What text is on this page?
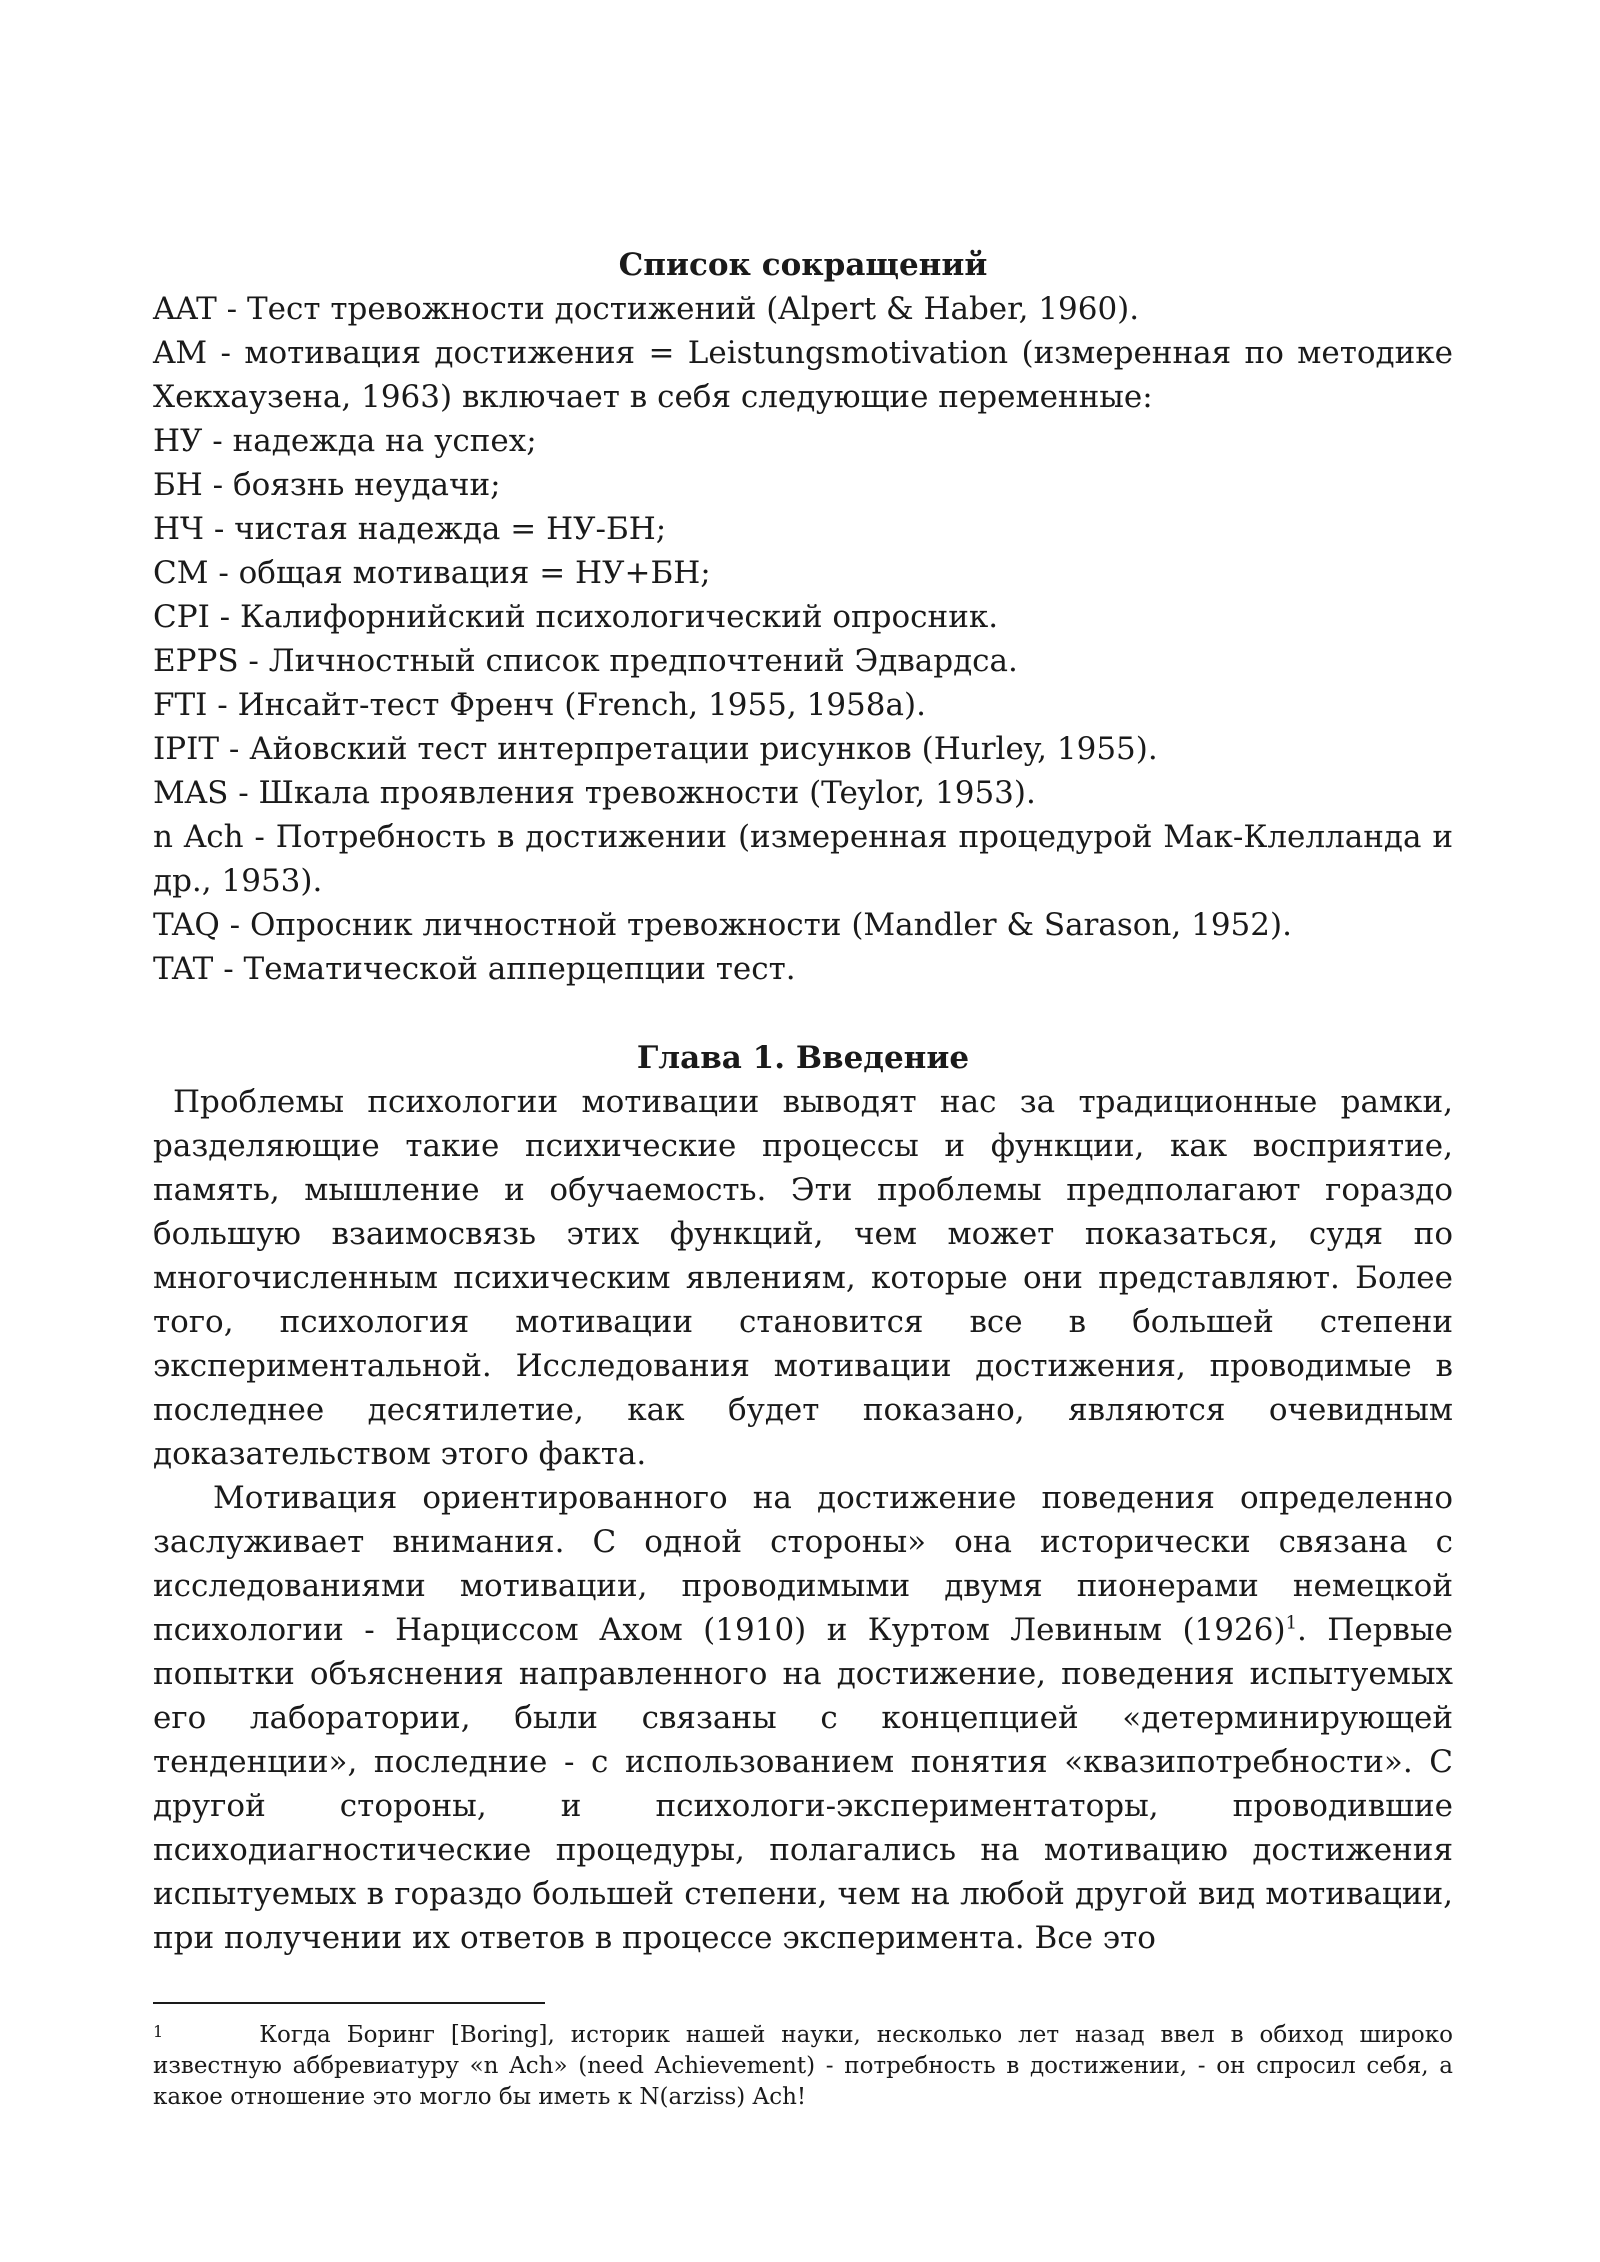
Список сокращений

AAT - Тест тревожности достижений (Alpert & Haber, 1960).

AM - мотивация достижения = Leistungsmotivation (измеренная по методике Хекхаузена, 1963) включает в себя следующие переменные:

НУ - надежда на успех;

БН - боязнь неудачи;

НЧ - чистая надежда = НУ-БН;

CM - общая мотивация = НУ+БН;

CPI - Калифорнийский психологический опросник.

EPPS - Личностный список предпочтений Эдвардса.

FTI - Инсайт-тест Френч (French, 1955, 1958а).

IPIT - Айовский тест интерпретации рисунков (Hurley, 1955).

MAS - Шкала проявления тревожности (Teylor, 1953).

n Ach - Потребность в достижении (измеренная процедурой Мак-Клелланда и др., 1953).

TAQ - Опросник личностной тревожности (Mandler & Sarason, 1952).

TAT - Тематической апперцепции тест.

Глава 1. Введение

Проблемы психологии мотивации выводят нас за традиционные рамки, разделяющие такие психические процессы и функции, как восприятие, память, мышление и обучаемость. Эти проблемы предполагают гораздо большую взаимосвязь этих функций, чем может показаться, судя по многочисленным психическим явлениям, которые они представляют. Более того, психология мотивации становится все в большей степени экспериментальной. Исследования мотивации достижения, проводимые в последнее десятилетие, как будет показано, являются очевидным доказательством этого факта.

Мотивация ориентированного на достижение поведения определенно заслуживает внимания. С одной стороны» она исторически связана с исследованиями мотивации, проводимыми двумя пионерами немецкой психологии - Нарциссом Ахом (1910) и Куртом Левиным (1926)$^1$. Первые попытки объяснения направленного на достижение, поведения испытуемых его лаборатории, были связаны с концепцией «детерминирующей тенденции», последние - с использованием понятия «квазипотребности». С другой стороны, и психологи-экспериментаторы, проводившие психодиагностические процедуры, полагались на мотивацию достижения испытуемых в гораздо большей степени, чем на любой другой вид мотивации, при получении их ответов в процессе эксперимента. Все это

$^1$	Когда Боринг [Boring], историк нашей науки, несколько лет назад ввел в обиход широко известную аббревиатуру «n Ach» (need Achievement) - потребность в достижении, - он спросил себя, а какое отношение это могло бы иметь к N(arziss) Ach!
